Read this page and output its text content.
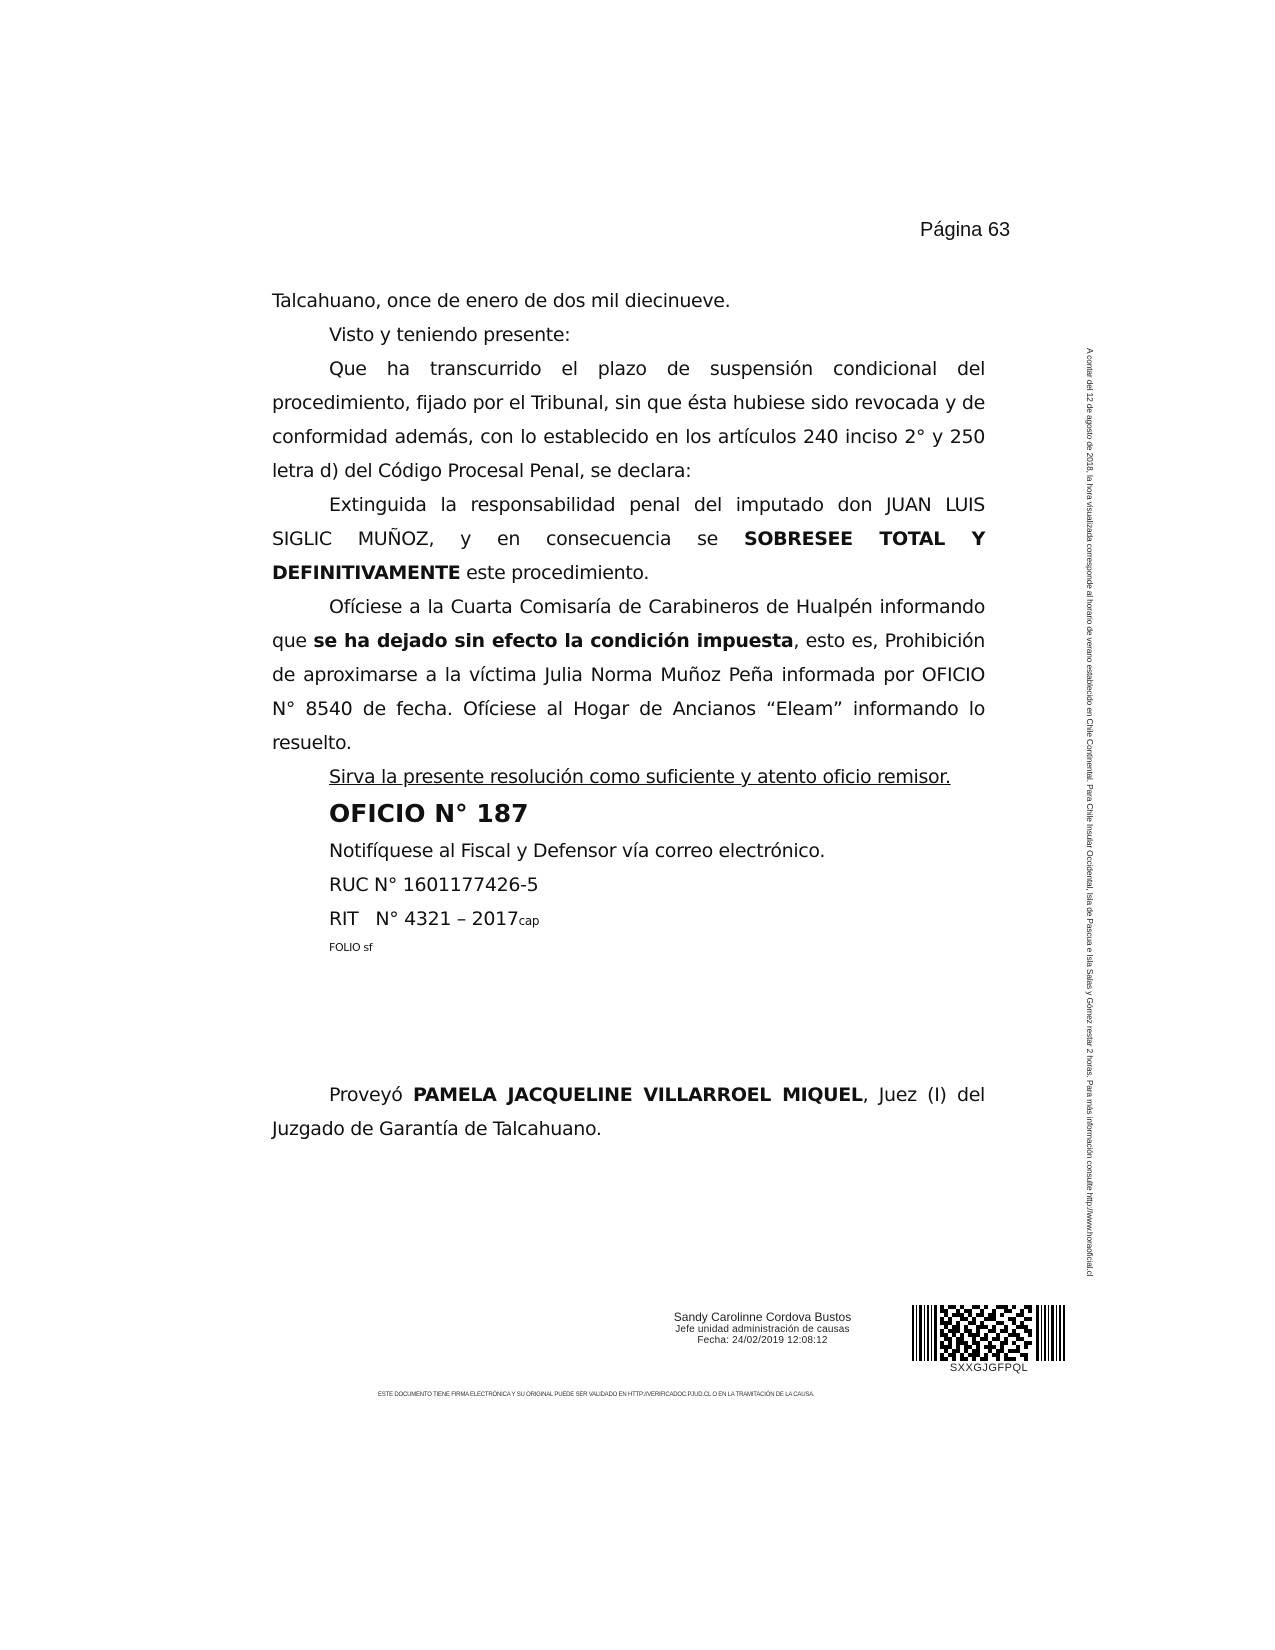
Página 63

Talcahuano, once de enero de dos mil diecinueve.

Visto y teniendo presente:

Que ha transcurrido el plazo de suspensión condicional del procedimiento, fijado por el Tribunal, sin que ésta hubiese sido revocada y de conformidad además, con lo establecido en los artículos 240 inciso 2° y 250 letra d) del Código Procesal Penal, se declara:

Extinguida la responsabilidad penal del imputado don JUAN LUIS SIGLIC MUÑOZ, y en consecuencia se SOBRESEE TOTAL Y DEFINITIVAMENTE este procedimiento.

Ofíciese a la Cuarta Comisaría de Carabineros de Hualpén informando que se ha dejado sin efecto la condición impuesta, esto es, Prohibición de aproximarse a la víctima Julia Norma Muñoz Peña informada por OFICIO N° 8540 de fecha. Ofíciese al Hogar de Ancianos “Eleam” informando lo resuelto.

Sirva la presente resolución como suficiente y atento oficio remisor.

OFICIO N° 187

Notifíquese al Fiscal y Defensor vía correo electrónico.

RUC N° 1601177426-5

RIT   N° 4321 – 2017cap

FOLIO sf

Proveyó PAMELA JACQUELINE VILLARROEL MIQUEL, Juez (I) del Juzgado de Garantía de Talcahuano.	A contar del 12 de agosto de 2018, la hora visualizada corresponde al horario de verano establecido en Chile Continental. Para Chile Insular Occidental, Isla de Pascua e Isla Salas y Gómez restar 2 horas. Para más información consulte http://www.horaoficial.cl
Sandy Carolinne Cordova Bustos
Jefe unidad administración de causas
Fecha: 24/02/2019 12:08:12
SXXGJGFPQL
ESTE DOCUMENTO TIENE FIRMA ELECTRÓNICA Y SU ORIGINAL PUEDE SER VALIDADO EN HTTP://VERIFICADOC.PJUD.CL O EN LA TRAMITACIÓN DE LA CAUSA.
